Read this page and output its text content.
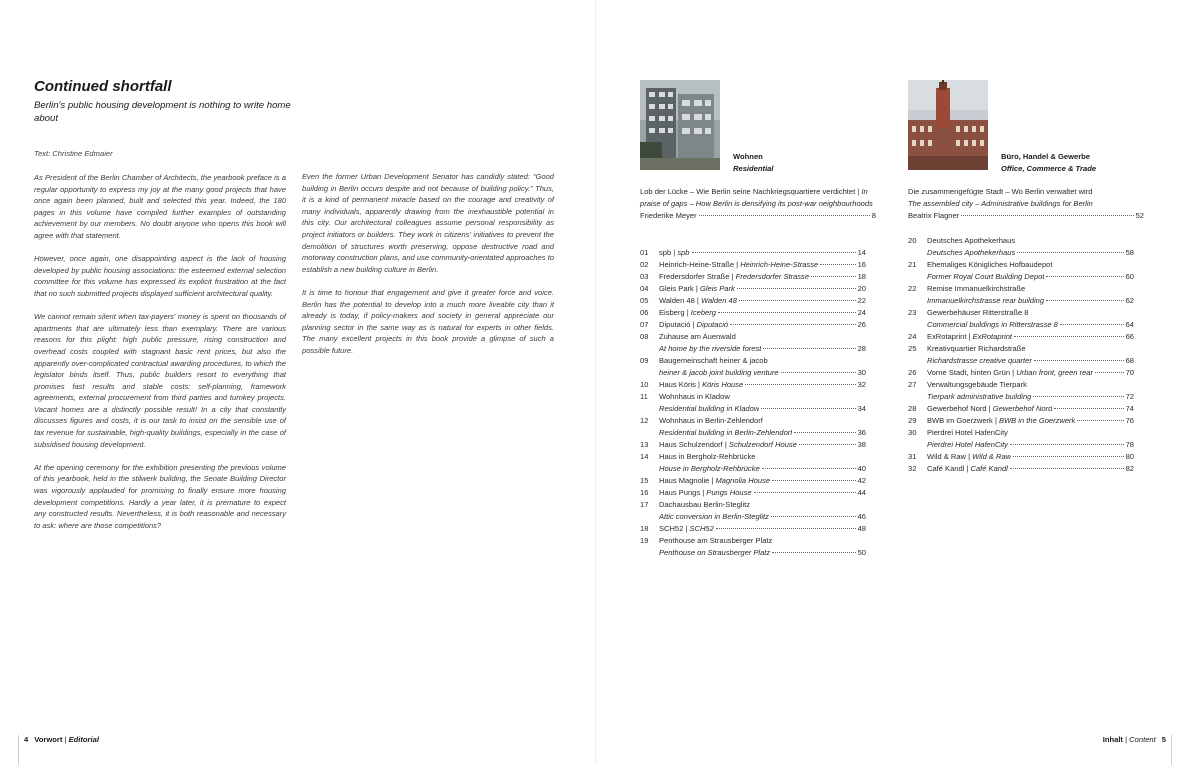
Continued shortfall

Berlin's public housing development is nothing to write home about

Text: Christine Edmaier

As President of the Berlin Chamber of Architects, the yearbook preface is a regular opportunity to express my joy at the many good projects that have once again been planned, built and selected this year. Indeed, the 180 pages in this volume have compiled further examples of outstanding achievement by our members. No doubt anyone who opens this book will agree with that statement.

However, once again, one disappointing aspect is the lack of housing developed by public housing associations: the esteemed external selection committee for this volume has expressed its explicit frustration at the fact that no such submitted projects displayed sufficient architectural quality.

We cannot remain silent when tax-payers' money is spent on thousands of apartments that are ultimately less than exemplary. There are various reasons for this plight: high public pressure, rising construction and overhead costs coupled with stagnant basic rent prices, but also the apparently over-complicated contractual awarding procedures, to which the legislator binds itself. Thus, public builders resort to everything that promises fast results and stable costs: self-planning, framework agreements, external procurement from third parties and turnkey projects. Vacant homes are a distinctly possible result! In a city that constantly discusses figures and costs, it is our task to insist on the sensible use of tax revenue for sustainable, high-quality buildings, especially in the case of subsidised housing development.

At the opening ceremony for the exhibition presenting the previous volume of this yearbook, held in the stilwerk building, the Senate Building Director was vigorously applauded for promising to finally ensure more housing development competitions. Hardly a year later, it is premature to expect any constructed results. Nevertheless, it is both reasonable and necessary to ask: where are those competitions?

Even the former Urban Development Senator has candidly stated: “Good building in Berlin occurs despite and not because of building policy.” Thus, it is a kind of permanent miracle based on the courage and creativity of many individuals, apparently drawing from the inexhaustible potential in this city. Our architectural colleagues assume personal responsibility as project initiators or builders. They work in citizens' initiatives to prevent the demolition of structures worth preserving, oppose destructive road and motorway construction plans, and use community-orientated approaches to establish a new building culture in Berlin.

It is time to honour that engagement and give it greater force and voice. Berlin has the potential to develop into a much more liveable city than it already is today, if policy-makers and society in general appreciate our planning sector in the same way as is natural for experts in other fields. The many excellent projects in this book provide a glimpse of such a possible future.

4 Vorwort | Editorial
Wohnen
Residential
Lob der Lücke – Wie Berlin seine Nachkriegsquartiere verdichtet | In praise of gaps – How Berlin is densifying its post-war neighbourhoods
Friederike Meyer	8
01	spb | spb	14
02	Heinrich-Heine-Straße | Heinrich-Heine-Strasse	16
03	Fredersdorfer Straße | Fredersdorfer Strasse	18
04	Gleis Park | Gleis Park	20
05	Walden 48 | Walden 48	22
06	Eisberg | Iceberg	24
07	Diputació | Diputació	26
08	Zuhause am Auenwald
At home by the riverside forest	28
09	Baugemeinschaft heiner & jacob
heiner & jacob joint building venture	30
10	Haus Köris | Köris House	32
11	Wohnhaus in Kladow
Residential building in Kladow	34
12	Wohnhaus in Berlin-Zehlendorf
Residential building in Berlin-Zehlendorf	36
13	Haus Schulzendorf | Schulzendorf House	38
14	Haus in Bergholz-Rehbrücke
House in Bergholz-Rehbrücke	40
15	Haus Magnolie | Magnolia House	42
16	Haus Pungs | Pungs House	44
17	Dachausbau Berlin-Steglitz
Attic conversion in Berlin-Steglitz	46
18	SCH52 | SCH52	48
19	Penthouse am Strausberger Platz
Penthouse on Strausberger Platz	50
Büro, Handel & Gewerbe
Office, Commerce & Trade
Die zusammengefügte Stadt – Wo Berlin verwaltet wird
The assembled city – Administrative buildings for Berlin
Beatrix Flagner	52
20	Deutsches Apothekerhaus
Deutsches Apothekerhaus	58
21	Ehemaliges Königliches Hofbaudepot
Former Royal Court Building Depot	60
22	Remise Immanuelkirchstraße
Immanuelkirchstrasse rear building	62
23	Gewerbehäuser Ritterstraße 8
Commercial buildings in Ritterstrasse 8	64
24	ExRotaprint | ExRotaprint	66
25	Kreativquartier Richardstraße
Richardstrasse creative quarter	68
26	Vorne Stadt, hinten Grün | Urban front, green rear	70
27	Verwaltungsgebäude Tierpark
Tierpark administrative building	72
28	Gewerbehof Nord | Gewerbehof Nord	74
29	BWB im Goerzwerk | BWB in the Goerzwerk	76
30	Pierdrei Hotel HafenCity
Pierdrei Hotel HafenCity	78
31	Wild & Raw | Wild & Raw	80
32	Café Kandl | Café Kandl	82
Inhalt | Content 5
